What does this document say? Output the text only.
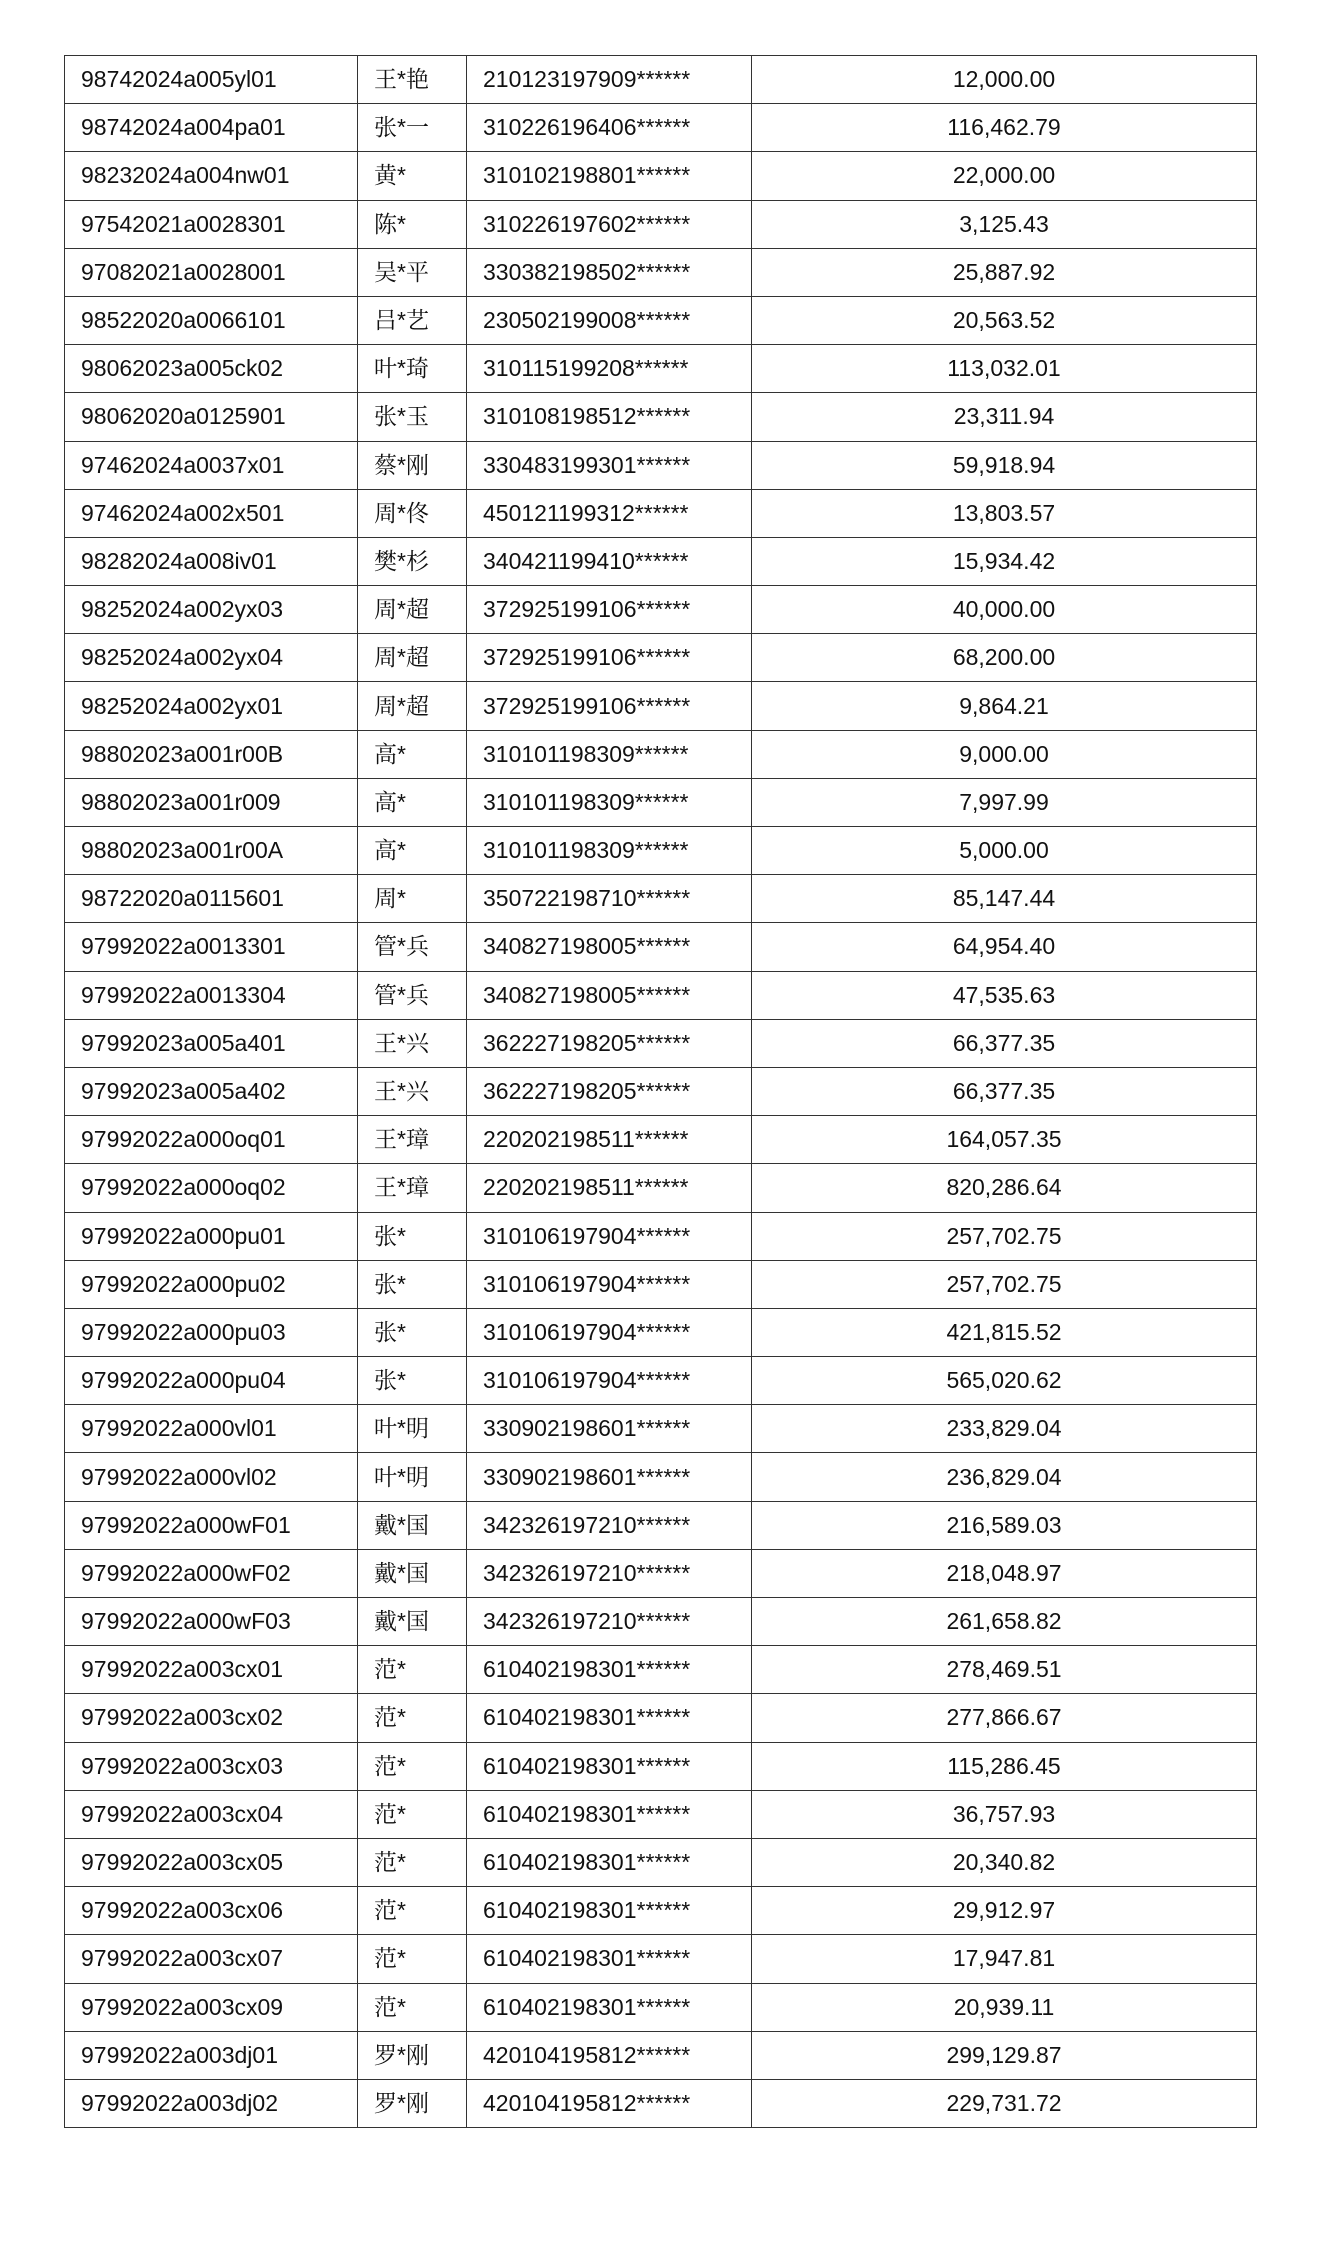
98742024a005yl01	王*艳	210123197909******	12,000.00
98742024a004pa01	张*一	310226196406******	116,462.79
98232024a004nw01	黄*	310102198801******	22,000.00
97542021a0028301	陈*	310226197602******	3,125.43
97082021a0028001	吴*平	330382198502******	25,887.92
98522020a0066101	吕*艺	230502199008******	20,563.52
98062023a005ck02	叶*琦	310115199208******	113,032.01
98062020a0125901	张*玉	310108198512******	23,311.94
97462024a0037x01	蔡*刚	330483199301******	59,918.94
97462024a002x501	周*佟	450121199312******	13,803.57
98282024a008iv01	樊*杉	340421199410******	15,934.42
98252024a002yx03	周*超	372925199106******	40,000.00
98252024a002yx04	周*超	372925199106******	68,200.00
98252024a002yx01	周*超	372925199106******	9,864.21
98802023a001r00B	高*	310101198309******	9,000.00
98802023a001r009	高*	310101198309******	7,997.99
98802023a001r00A	高*	310101198309******	5,000.00
98722020a0115601	周*	350722198710******	85,147.44
97992022a0013301	管*兵	340827198005******	64,954.40
97992022a0013304	管*兵	340827198005******	47,535.63
97992023a005a401	王*兴	362227198205******	66,377.35
97992023a005a402	王*兴	362227198205******	66,377.35
97992022a000oq01	王*璋	220202198511******	164,057.35
97992022a000oq02	王*璋	220202198511******	820,286.64
97992022a000pu01	张*	310106197904******	257,702.75
97992022a000pu02	张*	310106197904******	257,702.75
97992022a000pu03	张*	310106197904******	421,815.52
97992022a000pu04	张*	310106197904******	565,020.62
97992022a000vl01	叶*明	330902198601******	233,829.04
97992022a000vl02	叶*明	330902198601******	236,829.04
97992022a000wF01	戴*国	342326197210******	216,589.03
97992022a000wF02	戴*国	342326197210******	218,048.97
97992022a000wF03	戴*国	342326197210******	261,658.82
97992022a003cx01	范*	610402198301******	278,469.51
97992022a003cx02	范*	610402198301******	277,866.67
97992022a003cx03	范*	610402198301******	115,286.45
97992022a003cx04	范*	610402198301******	36,757.93
97992022a003cx05	范*	610402198301******	20,340.82
97992022a003cx06	范*	610402198301******	29,912.97
97992022a003cx07	范*	610402198301******	17,947.81
97992022a003cx09	范*	610402198301******	20,939.11
97992022a003dj01	罗*刚	420104195812******	299,129.87
97992022a003dj02	罗*刚	420104195812******	229,731.72
